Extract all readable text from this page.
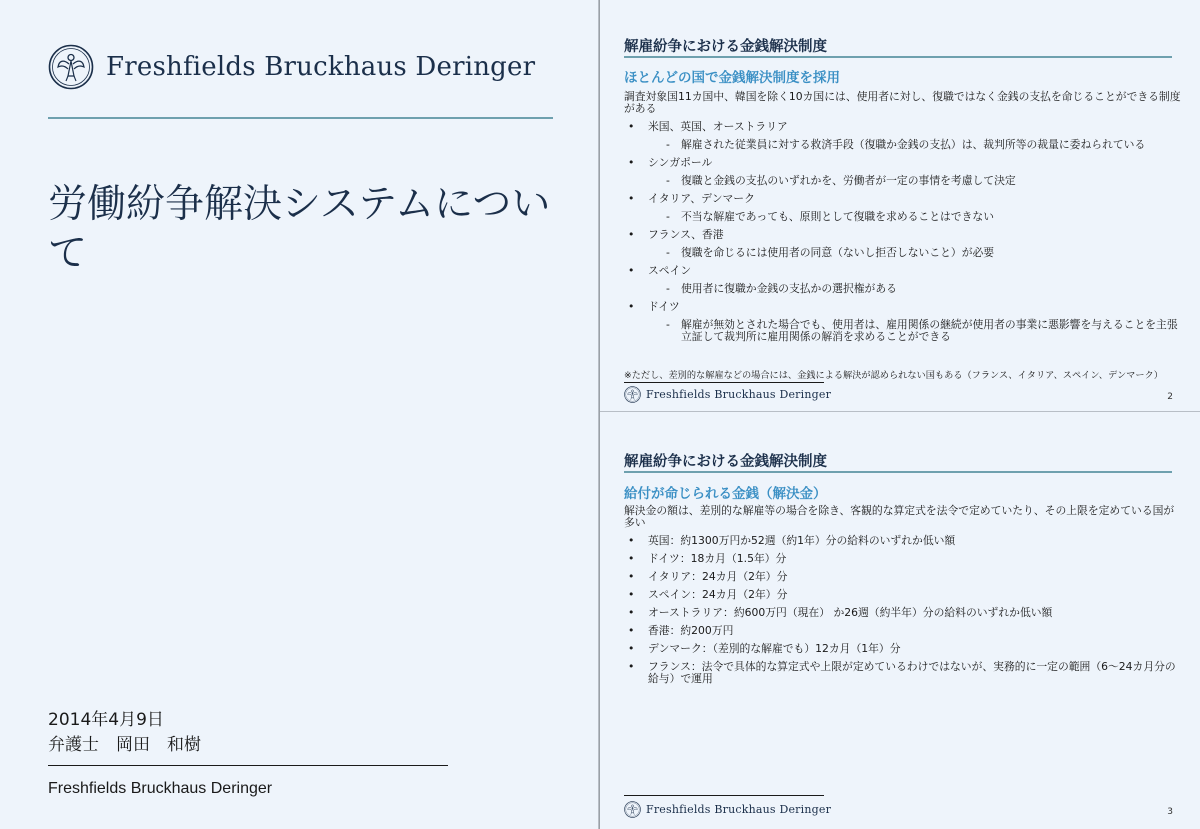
Freshfields Bruckhaus Deringer
労働紛争解決システムについて
2014年4月9日
弁護士　岡田　和樹
Freshfields Bruckhaus Deringer
解雇紛争における金銭解決制度
ほとんどの国で金銭解決制度を採用

調査対象国11カ国中、韓国を除く10カ国には、使用者に対し、復職ではなく金銭の支払を命じることができる制度がある

• 米国、英国、オーストラリア
- 解雇された従業員に対する救済手段（復職か金銭の支払）は、裁判所等の裁量に委ねられている
• シンガポール
- 復職と金銭の支払のいずれかを、労働者が一定の事情を考慮して決定
• イタリア、デンマーク
- 不当な解雇であっても、原則として復職を求めることはできない
• フランス、香港
- 復職を命じるには使用者の同意（ないし拒否しないこと）が必要
• スペイン
- 使用者に復職か金銭の支払かの選択権がある
• ドイツ
- 解雇が無効とされた場合でも、使用者は、雇用関係の継続が使用者の事業に悪影響を与えることを主張立証して裁判所に雇用関係の解消を求めることができる
※ただし、差別的な解雇などの場合には、金銭による解決が認められない国もある（フランス、イタリア、スペイン、デンマーク）
Freshfields Bruckhaus Deringer	2
解雇紛争における金銭解決制度
給付が命じられる金銭（解決金）

解決金の額は、差別的な解雇等の場合を除き、客観的な算定式を法令で定めていたり、その上限を定めている国が多い

• 英国：約1300万円か52週（約1年）分の給料のいずれか低い額
• ドイツ：18カ月（1.5年）分
• イタリア：24カ月（2年）分
• スペイン：24カ月（2年）分
• オーストラリア：約600万円（現在） か26週（約半年）分の給料のいずれか低い額
• 香港：約200万円
• デンマーク：（差別的な解雇でも）12カ月（1年）分
• フランス：法令で具体的な算定式や上限が定めているわけではないが、実務的に一定の範囲（6～24カ月分の給与）で運用
Freshfields Bruckhaus Deringer	3
